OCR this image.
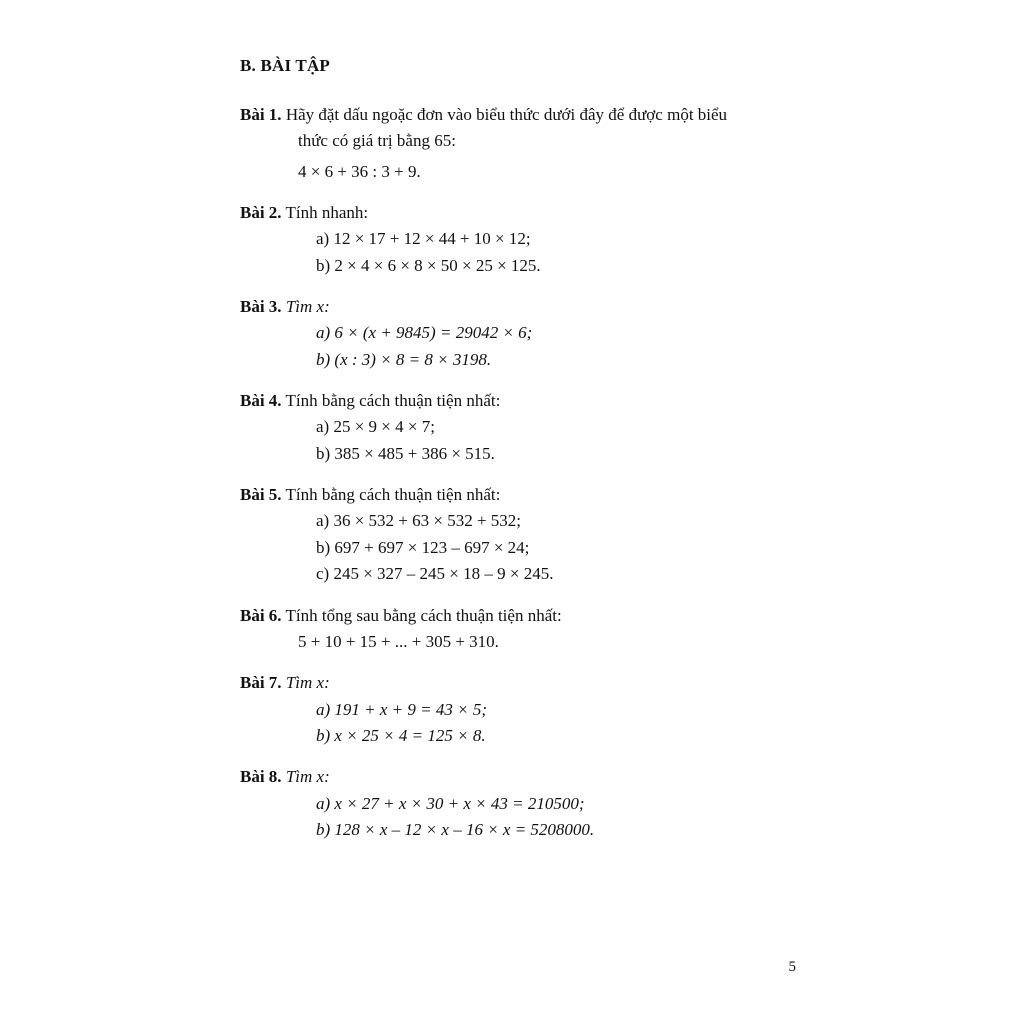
B. BÀI TẬP

Bài 1. Hãy đặt dấu ngoặc đơn vào biểu thức dưới đây để được một biểu

thức có giá trị bằng 65:

4 × 6 + 36 : 3 + 9.

Bài 2. Tính nhanh:

a) 12 × 17 + 12 × 44 + 10 × 12;

b) 2 × 4 × 6 × 8 × 50 × 25 × 125.

Bài 3. Tìm x:

a) 6 × (x + 9845) = 29042 × 6;

b) (x : 3) × 8 = 8 × 3198.

Bài 4. Tính bằng cách thuận tiện nhất:

a) 25 × 9 × 4 × 7;

b) 385 × 485 + 386 × 515.

Bài 5. Tính bằng cách thuận tiện nhất:

a) 36 × 532 + 63 × 532 + 532;

b) 697 + 697 × 123 – 697 × 24;

c) 245 × 327 – 245 × 18 – 9 × 245.

Bài 6. Tính tổng sau bằng cách thuận tiện nhất:

5 + 10 + 15 + ... + 305 + 310.

Bài 7. Tìm x:

a) 191 + x + 9 = 43 × 5;

b) x × 25 × 4 = 125 × 8.

Bài 8. Tìm x:

a) x × 27 + x × 30 + x × 43 = 210500;

b) 128 × x – 12 × x – 16 × x = 5208000.

5
